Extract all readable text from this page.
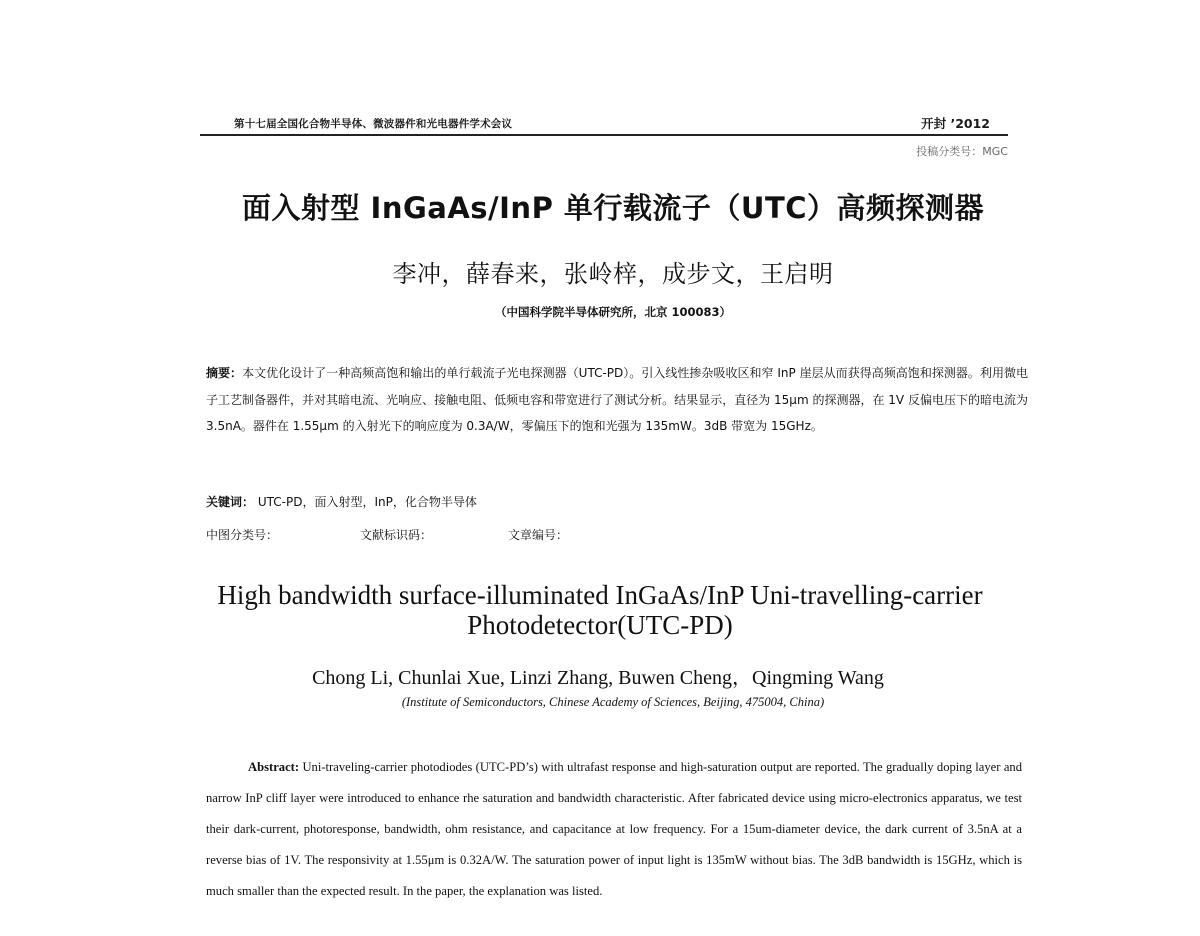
第十七届全国化合物半导体、微波器件和光电器件学术会议	开封 ’2012
投稿分类号：MGC
面入射型 InGaAs/InP 单行载流子（UTC）高频探测器
李冲，薛春来，张岭梓，成步文，王启明
（中国科学院半导体研究所，北京 100083）
摘要：本文优化设计了一种高频高饱和输出的单行载流子光电探测器（UTC-PD）。引入线性掺杂吸收区和窄 InP 崖层从而获得高频高饱和探测器。利用微电子工艺制备器件，并对其暗电流、光响应、接触电阻、低频电容和带宽进行了测试分析。结果显示，直径为 15μm 的探测器，在 1V 反偏电压下的暗电流为 3.5nA。器件在 1.55μm 的入射光下的响应度为 0.3A/W，零偏压下的饱和光强为 135mW。3dB 带宽为 15GHz。
关键词： UTC-PD，面入射型，InP，化合物半导体
中图分类号：	文献标识码：	文章编号：
High bandwidth surface-illuminated InGaAs/InP Uni-travelling-carrier Photodetector(UTC-PD)
Chong Li, Chunlai Xue, Linzi Zhang, Buwen Cheng，Qingming Wang
(Institute of Semiconductors, Chinese Academy of Sciences, Beijing, 475004, China)
Abstract: Uni-traveling-carrier photodiodes (UTC-PD’s) with ultrafast response and high-saturation output are reported. The gradually doping layer and narrow InP cliff layer were introduced to enhance rhe saturation and bandwidth characteristic. After fabricated device using micro-electronics apparatus, we test their dark-current, photoresponse, bandwidth, ohm resistance, and capacitance at low frequency. For a 15um-diameter device, the dark current of 3.5nA at a reverse bias of 1V. The responsivity at 1.55μm is 0.32A/W. The saturation power of input light is 135mW without bias. The 3dB bandwidth is 15GHz, which is much smaller than the expected result. In the paper, the explanation was listed.
